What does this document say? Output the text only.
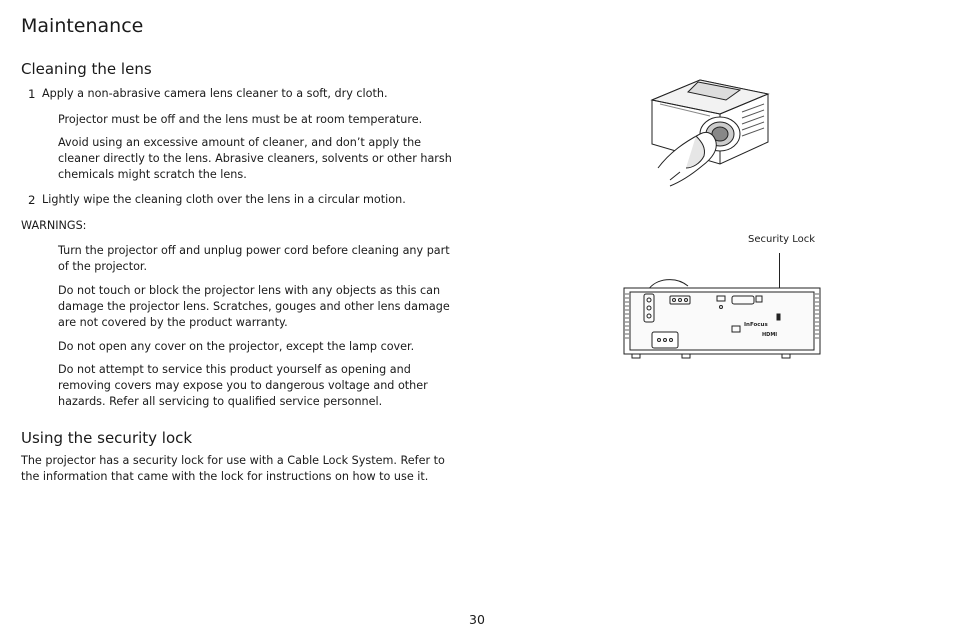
Maintenance
Cleaning the lens
1 Apply a non-abrasive camera lens cleaner to a soft, dry cloth.
Projector must be off and the lens must be at room temperature.
Avoid using an excessive amount of cleaner, and don’t apply the cleaner directly to the lens. Abrasive cleaners, solvents or other harsh chemicals might scratch the lens.
2 Lightly wipe the cleaning cloth over the lens in a circular motion.
WARNINGS:
Turn the projector off and unplug power cord before cleaning any part of the projector.
Do not touch or block the projector lens with any objects as this can damage the projector lens. Scratches, gouges and other lens damage are not covered by the product warranty.
Do not open any cover on the projector, except the lamp cover.
Do not attempt to service this product yourself as opening and removing covers may expose you to dangerous voltage and other hazards. Refer all servicing to qualified service personnel.
Using the security lock
The projector has a security lock for use with a Cable Lock System. Refer to the information that came with the lock for instructions on how to use it.
Security Lock
InFocus
HDMI
30
